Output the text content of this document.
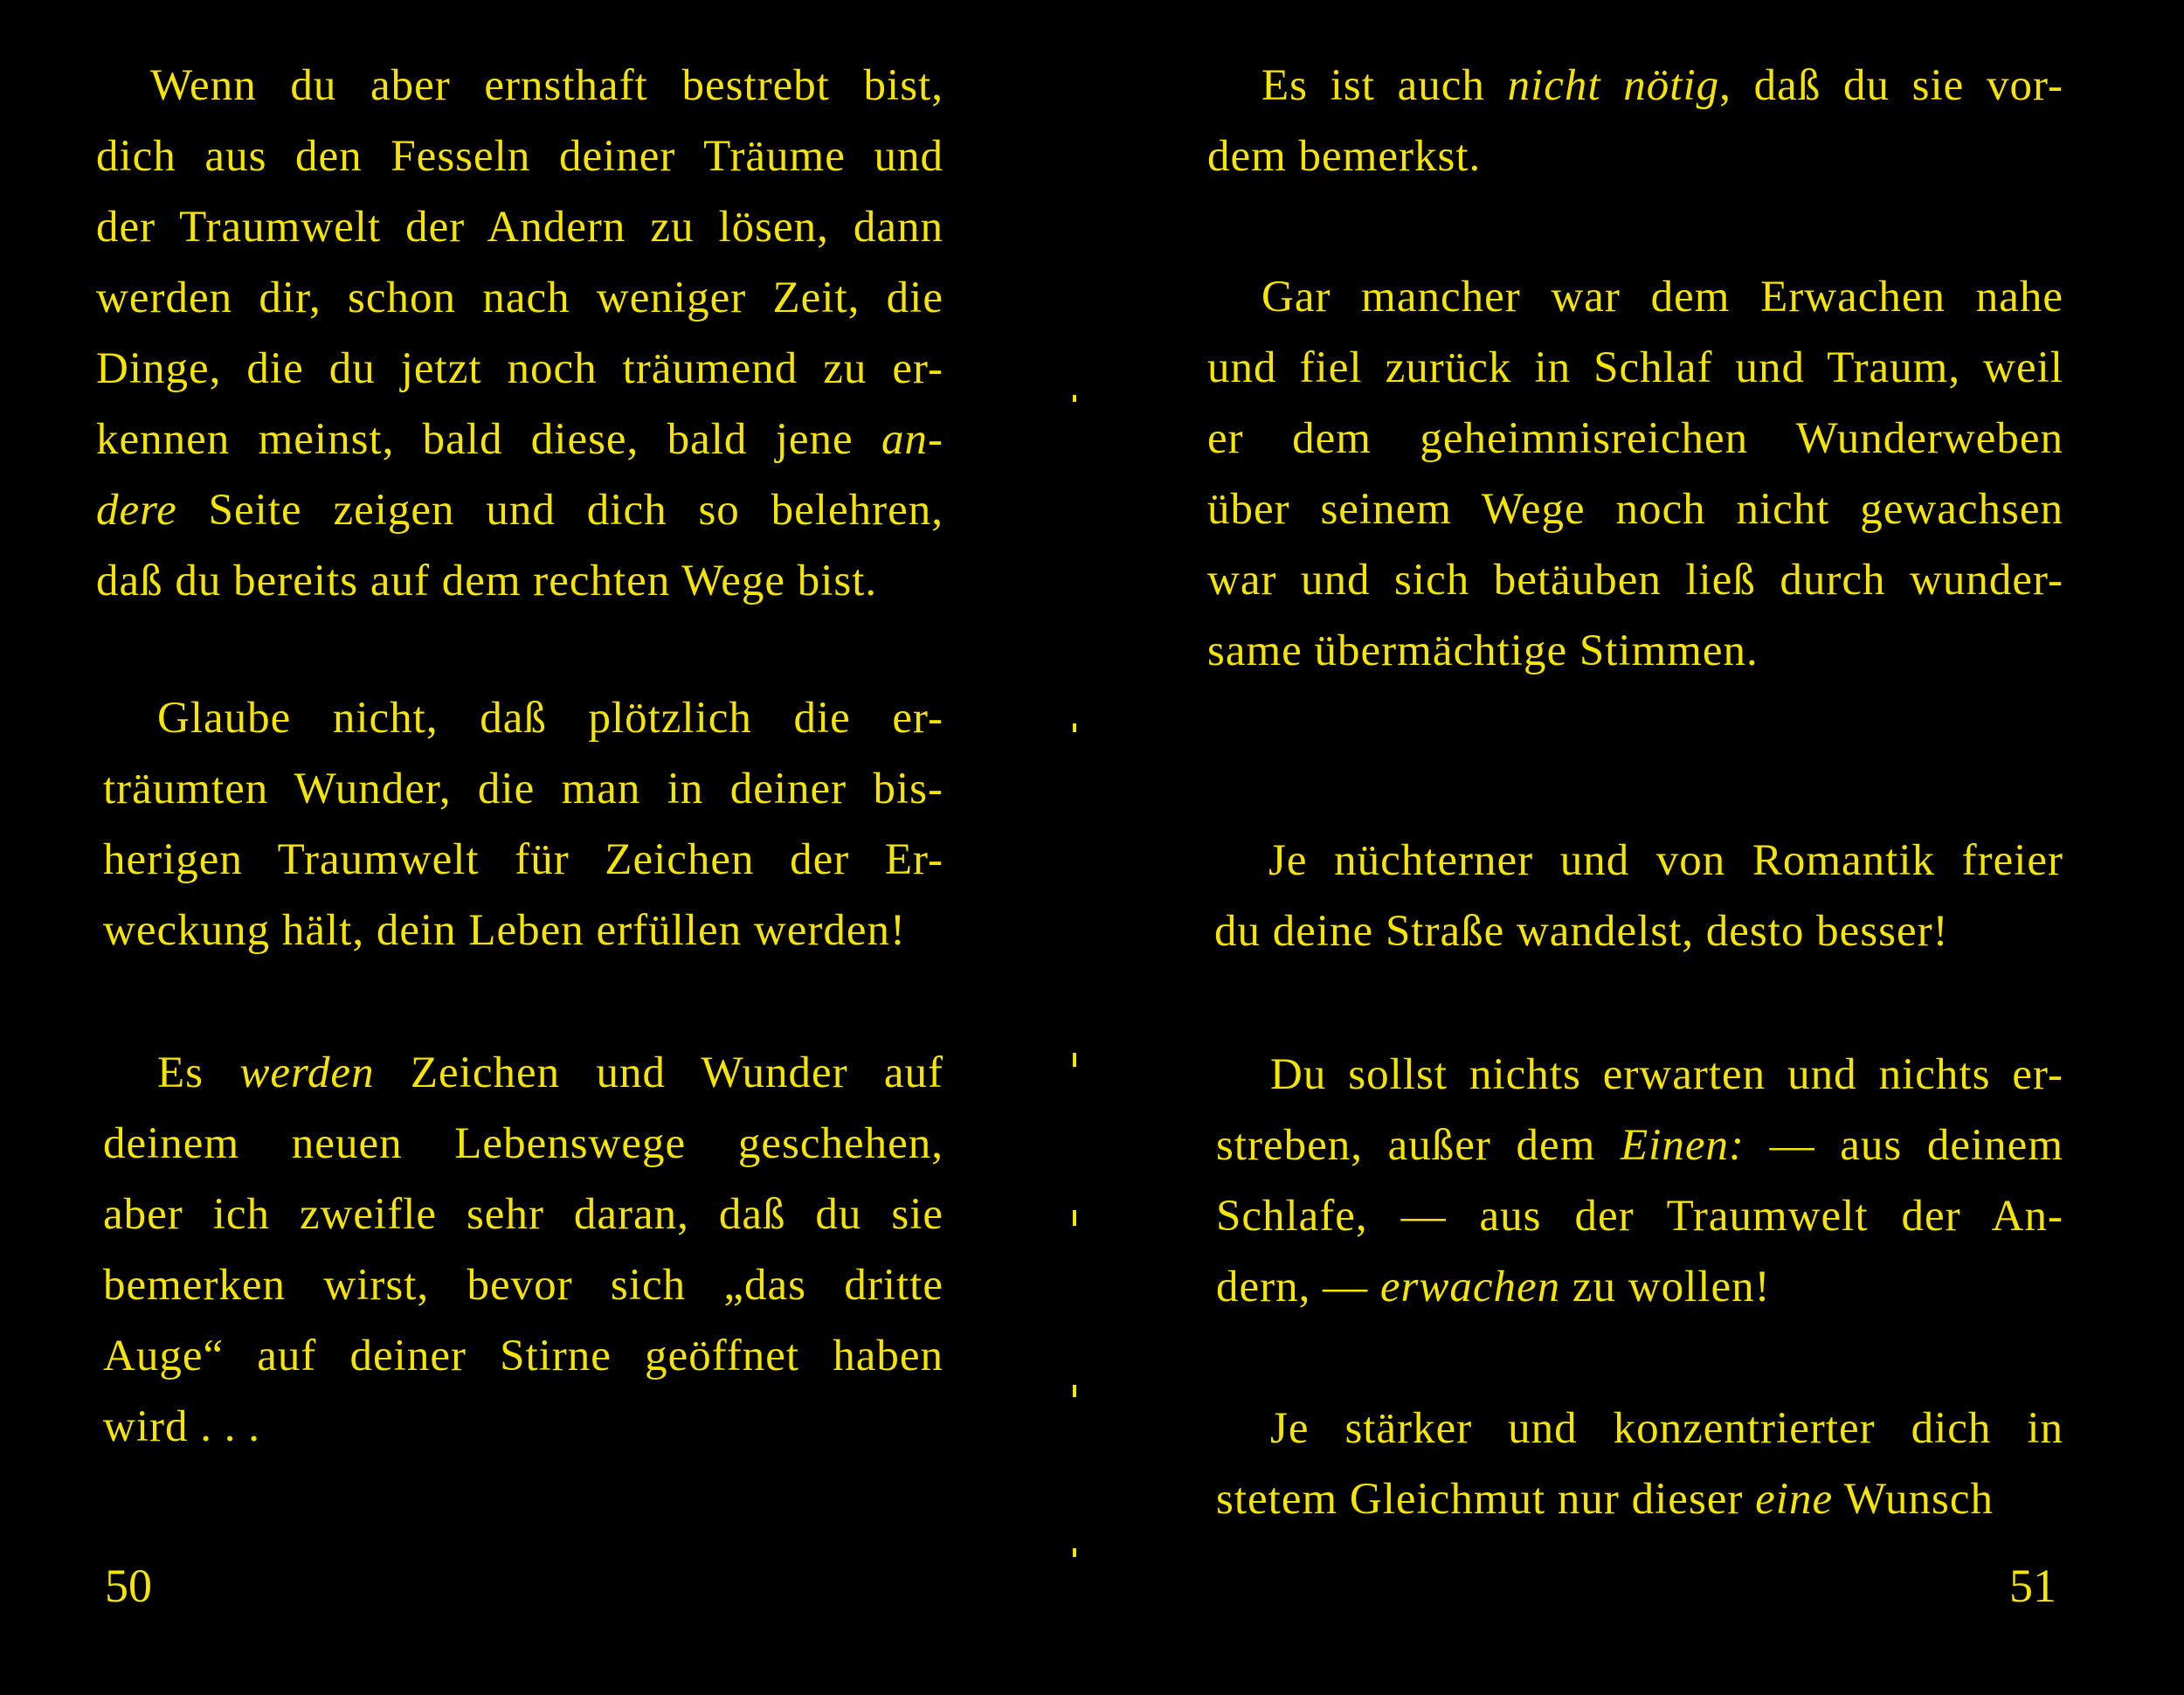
Wenn du aber ernsthaft bestrebt bist,
dich aus den Fesseln deiner Träume und
der Traumwelt der Andern zu lösen, dann
werden dir, schon nach weniger Zeit, die
Dinge, die du jetzt noch träumend zu er-
kennen meinst, bald diese, bald jene an-
dere Seite zeigen und dich so belehren,
daß du bereits auf dem rechten Wege bist.
Glaube nicht, daß plötzlich die er-
träumten Wunder, die man in deiner bis-
herigen Traumwelt für Zeichen der Er-
weckung hält, dein Leben erfüllen werden!
Es werden Zeichen und Wunder auf
deinem neuen Lebenswege geschehen,
aber ich zweifle sehr daran, daß du sie
bemerken wirst, bevor sich „das dritte
Auge“ auf deiner Stirne geöffnet haben
wird . . .
50
Es ist auch nicht nötig, daß du sie vor-
dem bemerkst.
Gar mancher war dem Erwachen nahe
und fiel zurück in Schlaf und Traum, weil
er dem geheimnisreichen Wunderweben
über seinem Wege noch nicht gewachsen
war und sich betäuben ließ durch wunder-
same übermächtige Stimmen.
Je nüchterner und von Romantik freier
du deine Straße wandelst, desto besser!
Du sollst nichts erwarten und nichts er-
streben, außer dem Einen: — aus deinem
Schlafe, — aus der Traumwelt der An-
dern, — erwachen zu wollen!
Je stärker und konzentrierter dich in
stetem Gleichmut nur dieser eine Wunsch
51
